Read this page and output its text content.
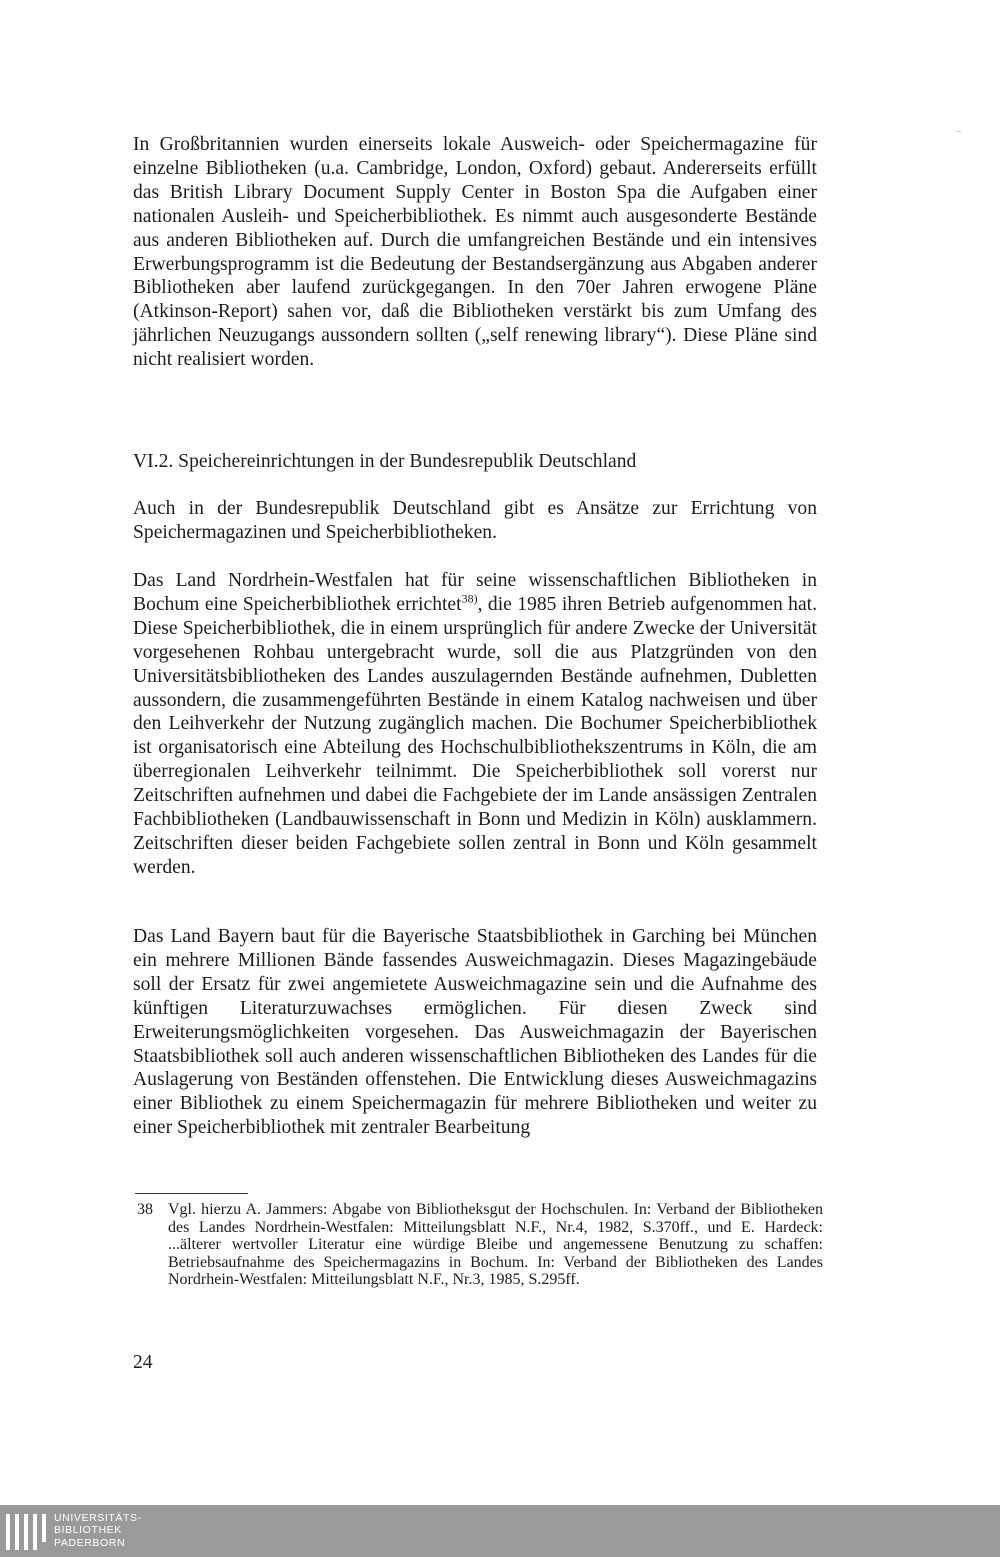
In Großbritannien wurden einerseits lokale Ausweich- oder Speichermagazine für einzelne Bibliotheken (u.a. Cambridge, London, Oxford) gebaut. Andererseits erfüllt das British Library Document Supply Center in Boston Spa die Aufgaben einer nationalen Ausleih- und Speicherbibliothek. Es nimmt auch ausgesonderte Bestände aus anderen Bibliotheken auf. Durch die umfangreichen Bestände und ein intensives Erwerbungsprogramm ist die Bedeutung der Bestandsergänzung aus Abgaben anderer Bibliotheken aber laufend zurückgegangen. In den 70er Jahren erwogene Pläne (Atkinson-Report) sahen vor, daß die Bibliotheken verstärkt bis zum Umfang des jährlichen Neuzugangs aussondern sollten („self renewing library“). Diese Pläne sind nicht realisiert worden.

VI.2. Speichereinrichtungen in der Bundesrepublik Deutschland

Auch in der Bundesrepublik Deutschland gibt es Ansätze zur Errichtung von Speichermagazinen und Speicherbibliotheken.

Das Land Nordrhein-Westfalen hat für seine wissenschaftlichen Bibliotheken in Bochum eine Speicherbibliothek errichtet$^{38)}$, die 1985 ihren Betrieb aufgenommen hat. Diese Speicherbibliothek, die in einem ursprünglich für andere Zwecke der Universität vorgesehenen Rohbau untergebracht wurde, soll die aus Platzgründen von den Universitätsbibliotheken des Landes auszulagernden Bestände aufnehmen, Dubletten aussondern, die zusammengeführten Bestände in einem Katalog nachweisen und über den Leihverkehr der Nutzung zugänglich machen. Die Bochumer Speicherbibliothek ist organisatorisch eine Abteilung des Hochschulbibliothekszentrums in Köln, die am überregionalen Leihverkehr teilnimmt. Die Speicherbibliothek soll vorerst nur Zeitschriften aufnehmen und dabei die Fachgebiete der im Lande ansässigen Zentralen Fachbibliotheken (Landbauwissenschaft in Bonn und Medizin in Köln) ausklammern. Zeitschriften dieser beiden Fachgebiete sollen zentral in Bonn und Köln gesammelt werden.

Das Land Bayern baut für die Bayerische Staatsbibliothek in Garching bei München ein mehrere Millionen Bände fassendes Ausweichmagazin. Dieses Magazingebäude soll der Ersatz für zwei angemietete Ausweichmagazine sein und die Aufnahme des künftigen Literaturzuwachses ermöglichen. Für diesen Zweck sind Erweiterungsmöglichkeiten vorgesehen. Das Ausweichmagazin der Bayerischen Staatsbibliothek soll auch anderen wissenschaftlichen Bibliotheken des Landes für die Auslagerung von Beständen offenstehen. Die Entwicklung dieses Ausweichmagazins einer Bibliothek zu einem Speichermagazin für mehrere Bibliotheken und weiter zu einer Speicherbibliothek mit zentraler Bearbeitung

38 Vgl. hierzu A. Jammers: Abgabe von Bibliotheksgut der Hochschulen. In: Verband der Bibliotheken des Landes Nordrhein-Westfalen: Mitteilungsblatt N.F., Nr.4, 1982, S.370ff., und E. Hardeck: ...älterer wertvoller Literatur eine würdige Bleibe und angemessene Benutzung zu schaffen: Betriebsaufnahme des Speichermagazins in Bochum. In: Verband der Bibliotheken des Landes Nordrhein-Westfalen: Mitteilungsblatt N.F., Nr.3, 1985, S.295ff.
24
UNIVERSITÄTS-
BIBLIOTHEK
PADERBORN
